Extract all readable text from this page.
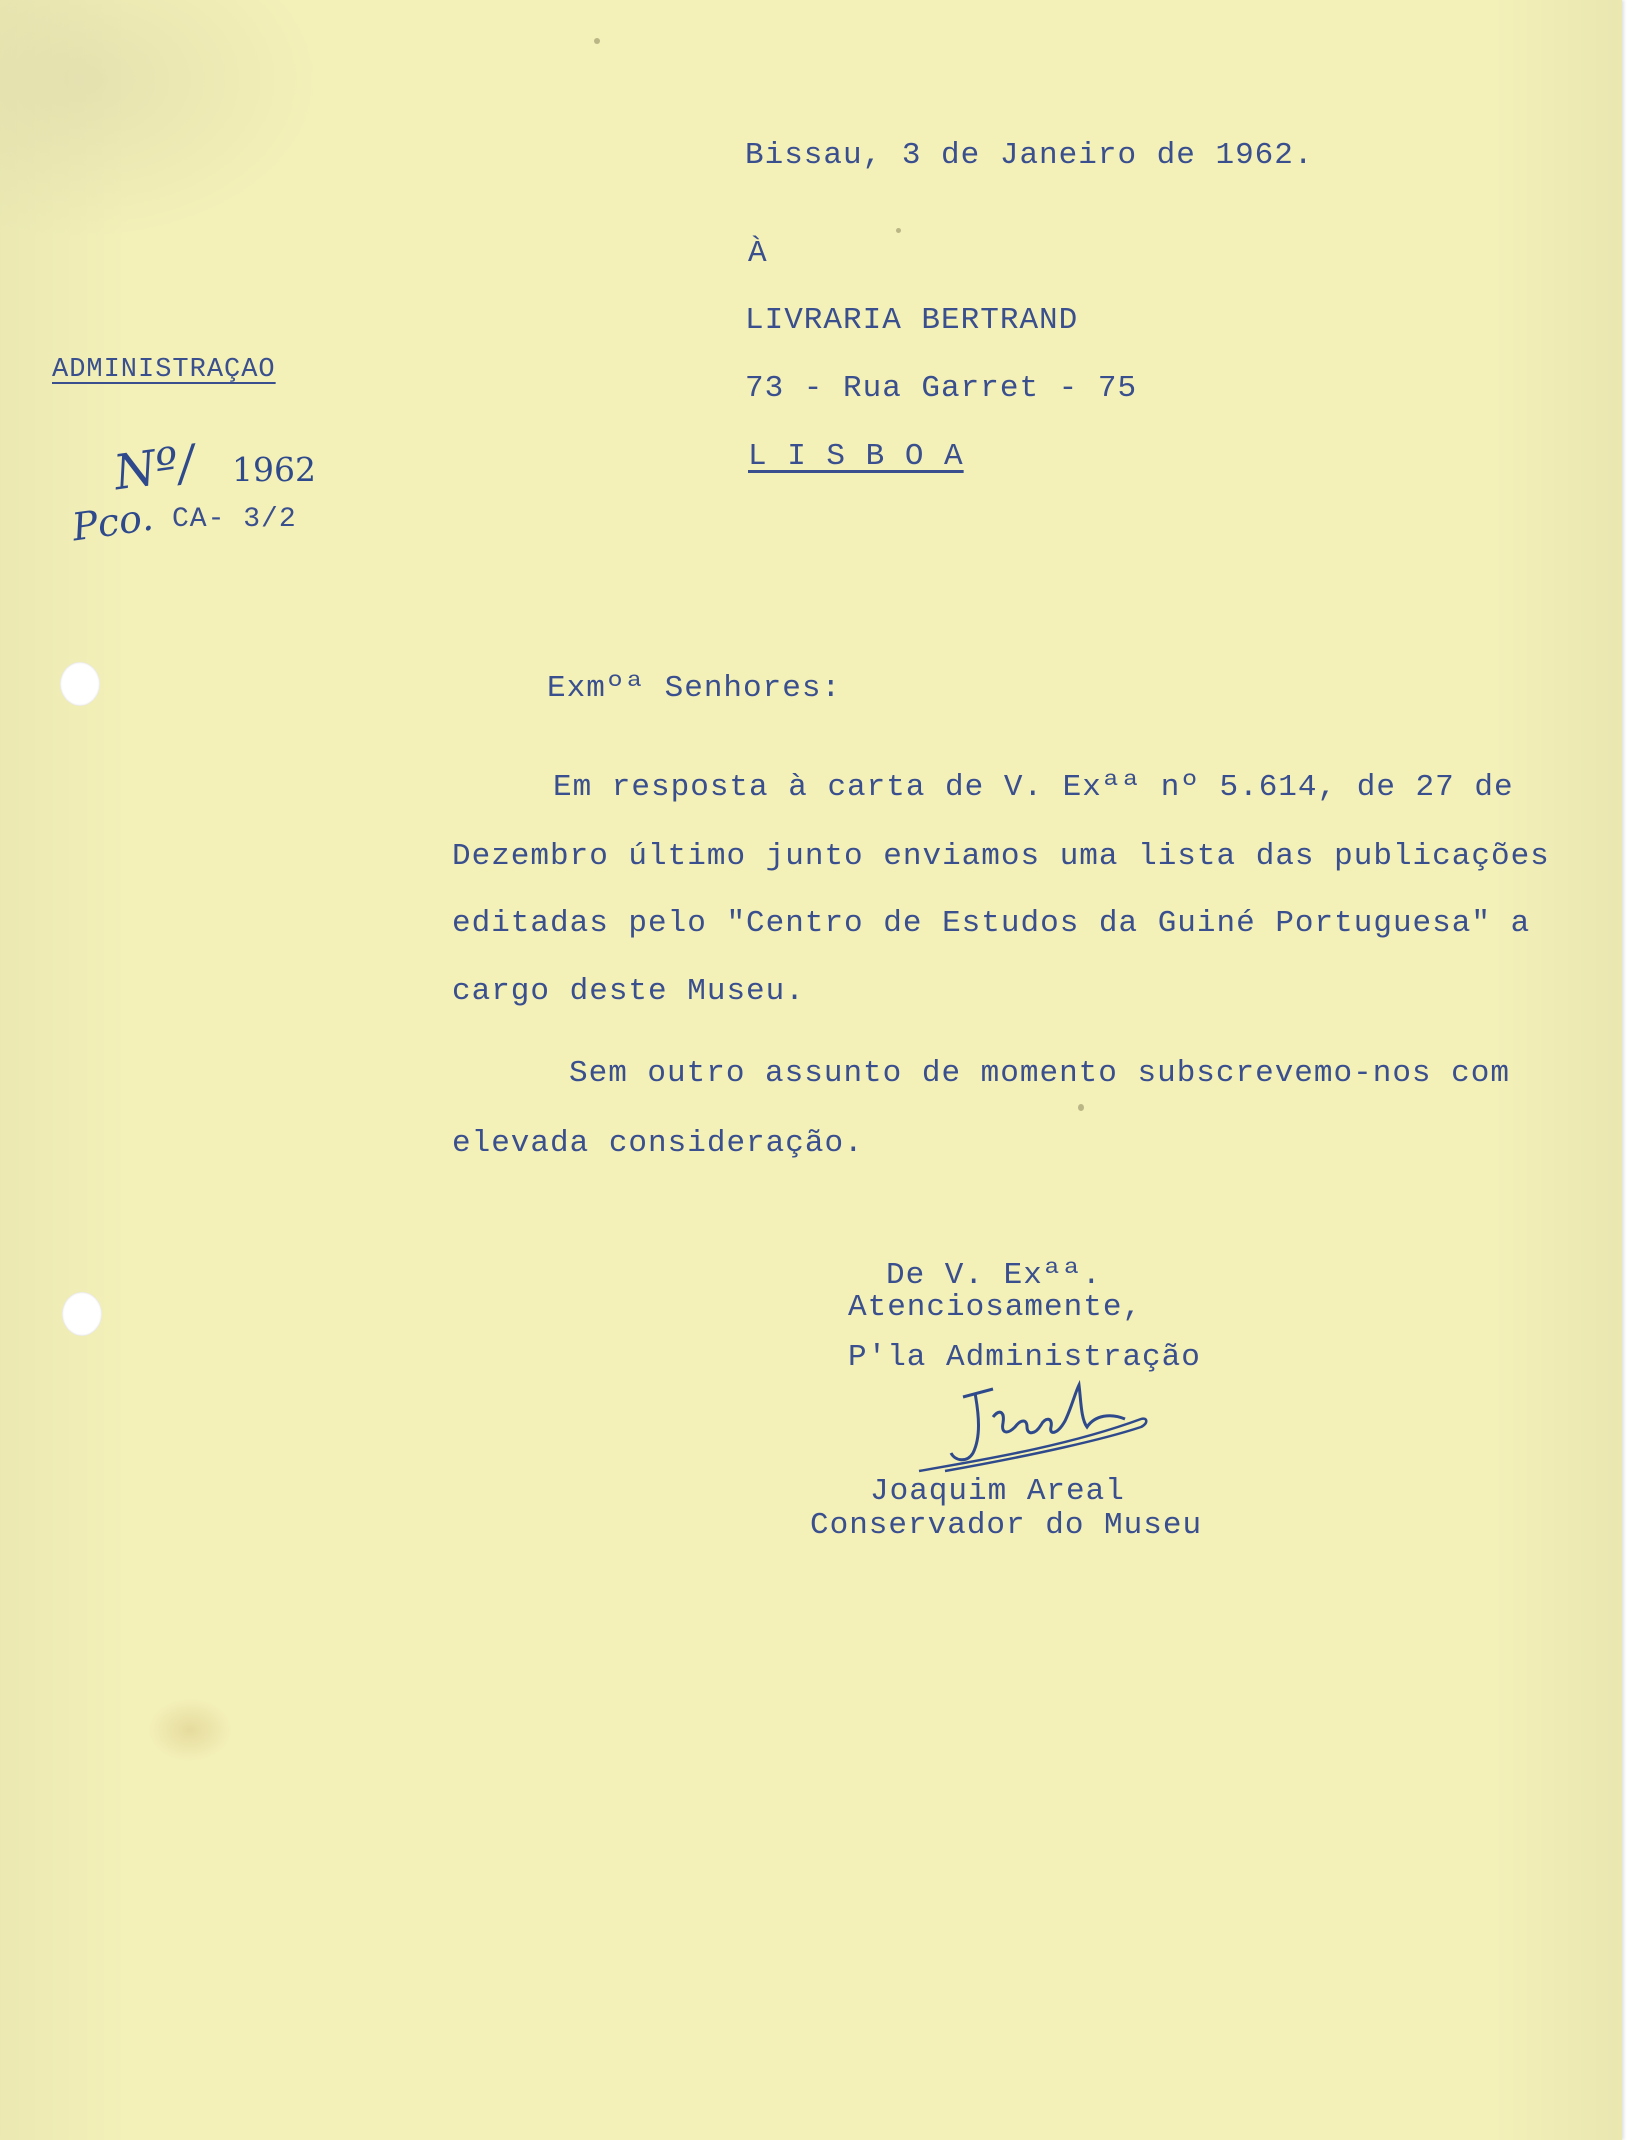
Bissau, 3 de Janeiro de 1962.
À
LIVRARIA BERTRAND
73 - Rua Garret - 75
L I S B O A
ADMINISTRAÇAO
Nº/ 1962
Pco. CA- 3/2
Exmºª Senhores:
Em resposta à carta de V. Exªª nº 5.614, de 27 de
Dezembro último junto enviamos uma lista das publicações
editadas pelo "Centro de Estudos da Guiné Portuguesa" a
cargo deste Museu.
Sem outro assunto de momento subscrevemo-nos com
elevada consideração.
De V. Exªª.
Atenciosamente,
P'la Administração
Joaquim Areal
Conservador do Museu
